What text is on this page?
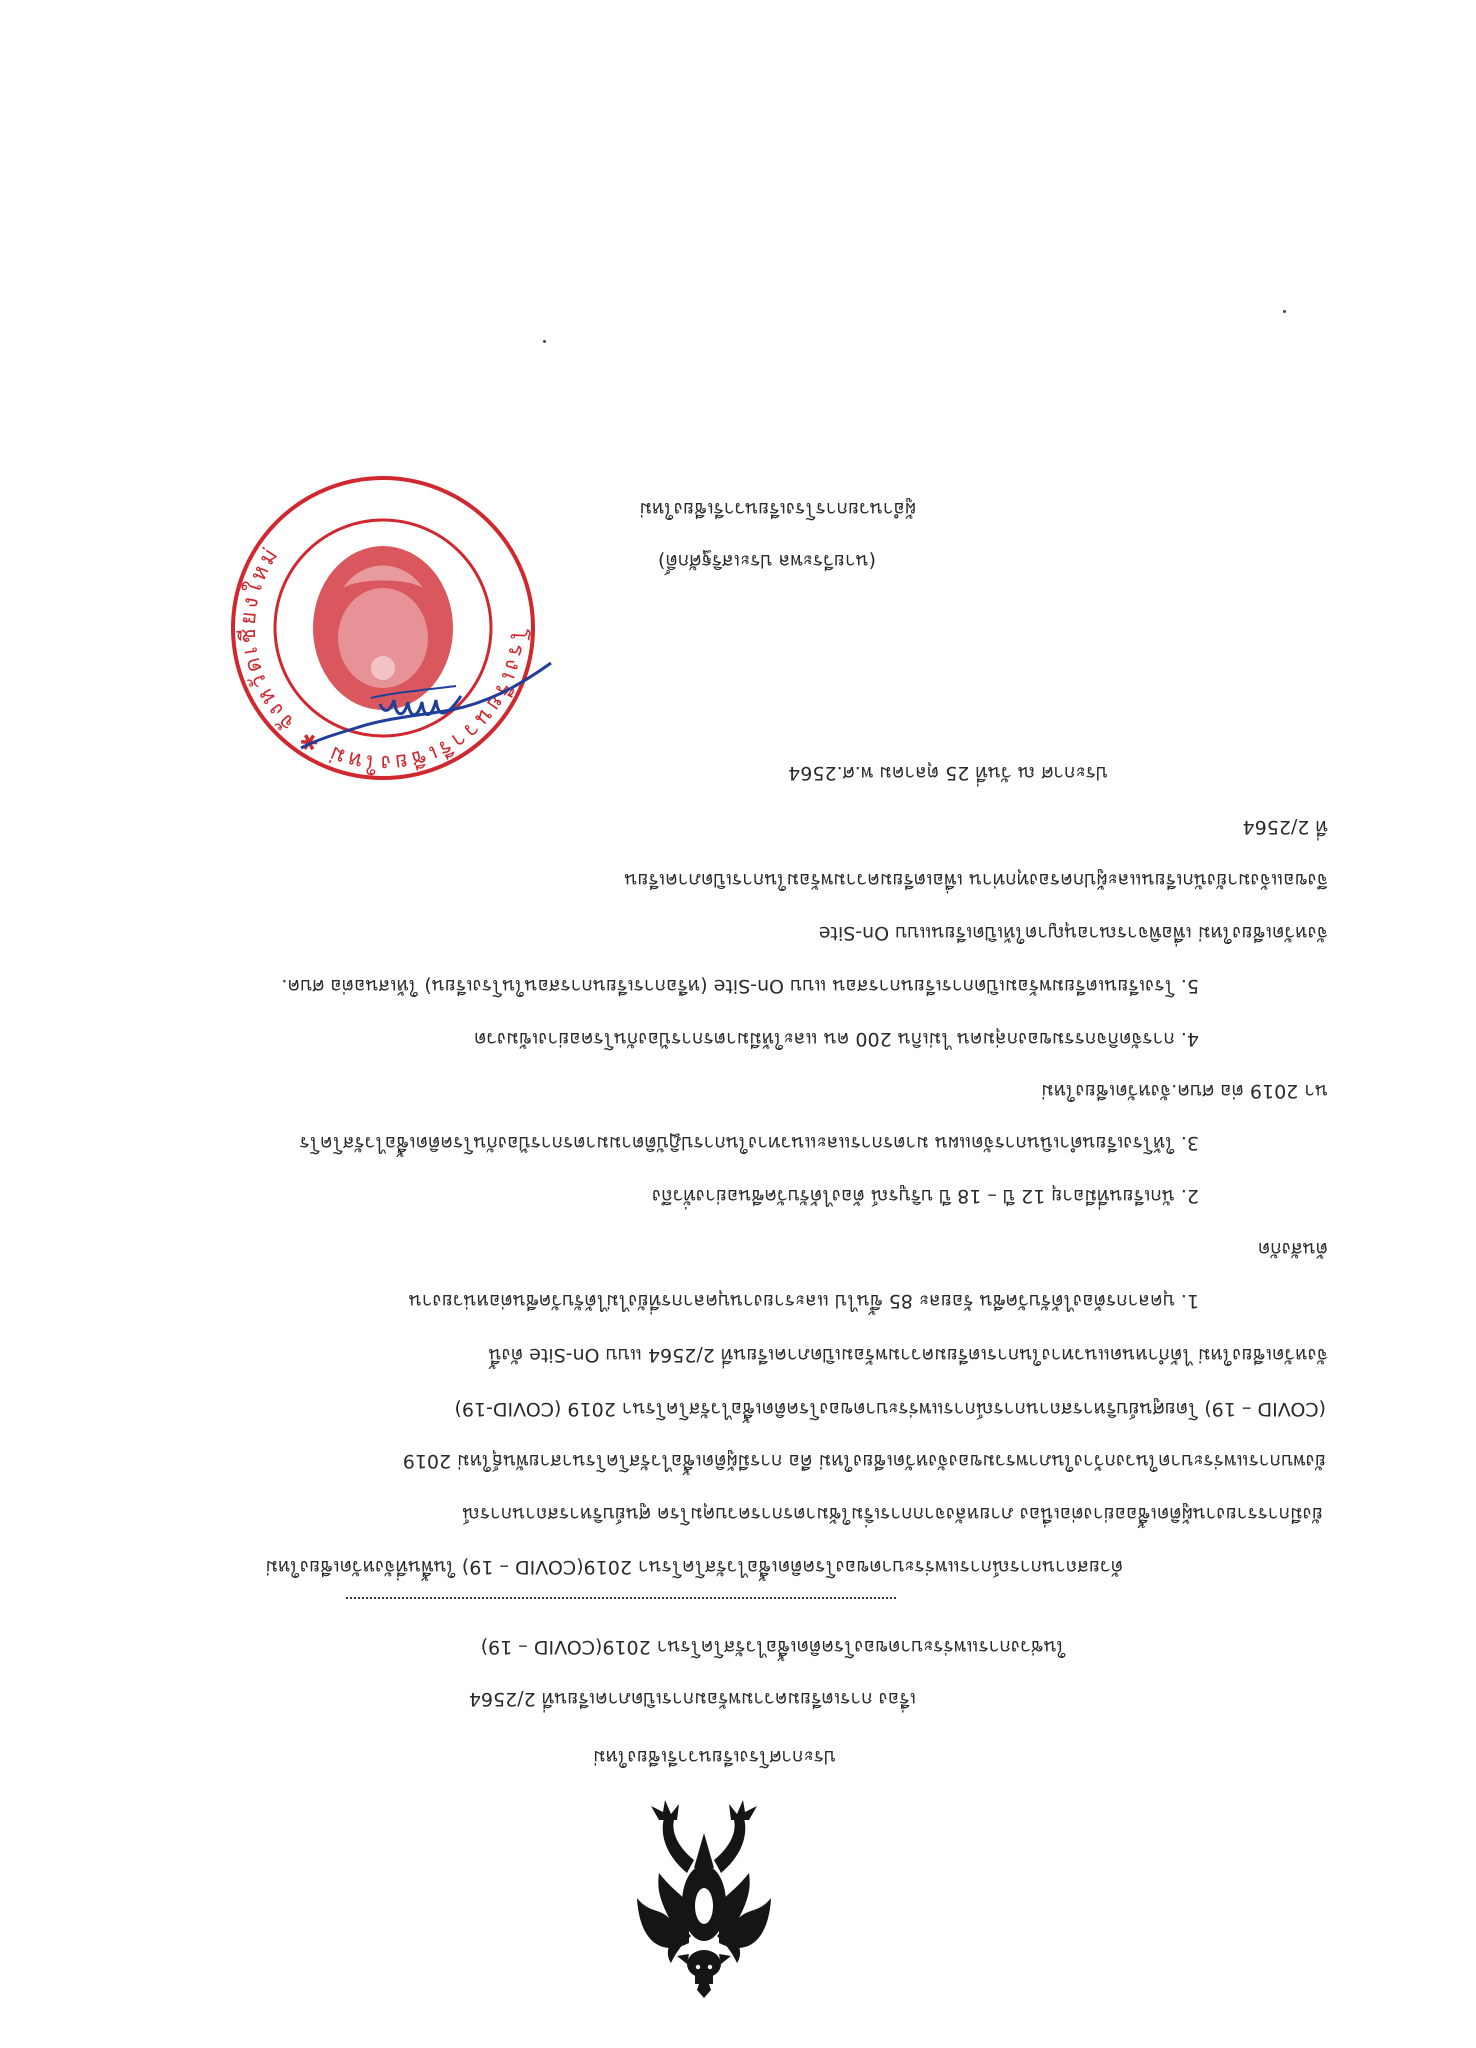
ประกาศโรงเรียนวารีเชียงใหม่
เรื่อง การเตรียมความพร้อมการเปิดภาคเรียนที่ 2/2564
ในช่วงการแพร่ระบาดของโรคติดเชื้อไวรัสโคโรนา 2019(COVID – 19)
ด้วยสถานการณ์การแพร่ระบาดของโรคติดเชื้อไวรัสโคโรนา 2019(COVID – 19) ในพื้นที่จังหวัดเชียงใหม่
ยังมีการรายงานผู้ติดเชื้ออย่างต่อเนื่อง ภายหลังจากการเริ่มใช้มาตรการควบคุมโรค ศูนย์บริหารสถานการณ์
ยังพบการแพร่ระบาดในวงกว้างในภาพรวมของจังหวัดเชียงใหม่ คือ การมีผู้ติดเชื้อไวรัสโคโรนาสายพันธุ์ใหม่ 2019
(COVID – 19) โดยศูนย์บริหารสถานการณ์การแพร่ระบาดของโรคติดเชื้อไวรัสโคโรนา 2019 (COVID-19)
จังหวัดเชียงใหม่ ได้กำหนดแนวทางในการเตรียมความพร้อมเปิดภาคเรียนที่ 2/2564 แบบ On-Site ดังนี้
1. บุคลากรต้องได้รับวัคซีน ร้อยละ 85 ขึ้นไป และรายงานบุคลากรที่ยังไม่ได้รับวัคซีนต่อหน่วยงาน
ต้นสังกัด
2. นักเรียนที่มีอายุ 12 ปี – 18 ปี บริบูรณ์ ต้องได้รับวัคซีนอย่างทั่วถึง
3. ให้โรงเรียนดำเนินการจัดแผน มาตรการและแนวทางในการปฏิบัติตามมาตรการป้องกันโรคติดเชื้อไวรัสโคโร
นา 2019 ต่อ ศบค.จังหวัดเชียงใหม่
4. การจัดกิจกรรมของกลุ่มคน ไม่เกิน 200 คน และให้มีมาตรการป้องกันโรคอย่างเข้มงวด
5. โรงเรียนเตรียมพร้อมเปิดการเรียนการสอน แบบ On-Site (หรือการเรียนการสอนในโรงเรียน) ให้เสนอต่อ ศบค.
จังหวัดเชียงใหม่ เพื่อพิจารณาอนุญาตให้เปิดเรียนแบบ On-Site
จึงขอแจ้งมายังนักเรียนและผู้ปกครองทุกท่าน เพื่อเตรียมความพร้อมในการเปิดภาคเรียน
ที่ 2/2564
ประกาศ ณ วันที่ 25 ตุลาคม พ.ศ.2564
โรงเรียนวารีเชียงใหม่ ✱ จังหวัดเชียงใหม่	(นายวีระพล ประเสริฐศักดิ์)
ผู้อำนวยการโรงเรียนวารีเชียงใหม่
